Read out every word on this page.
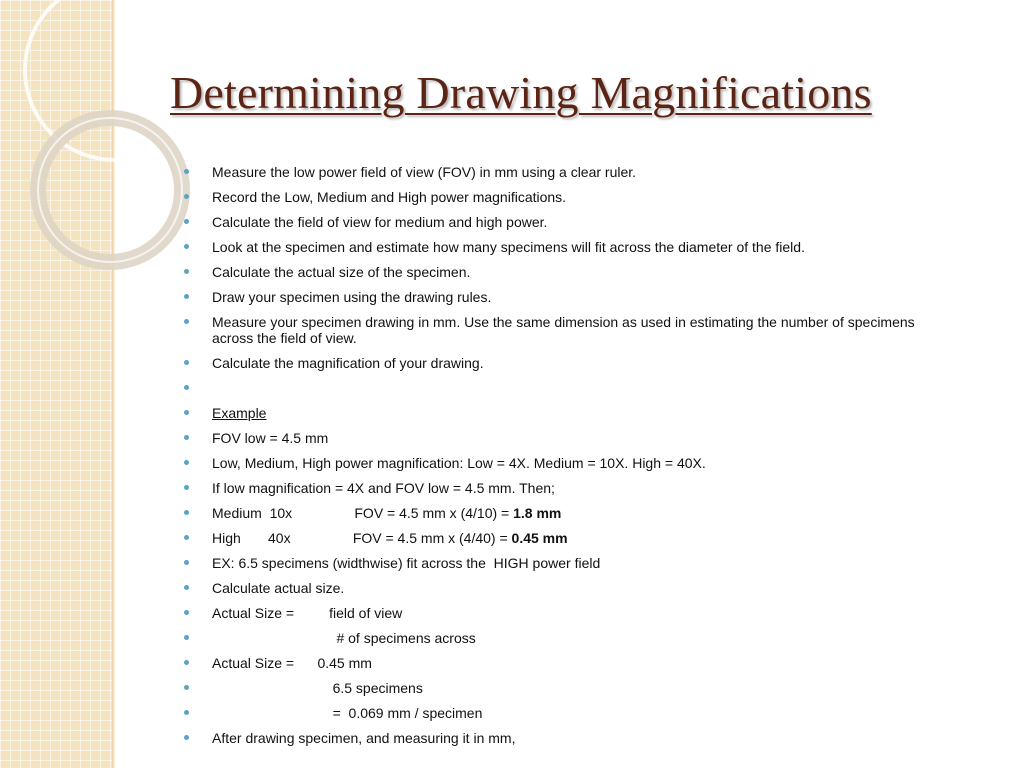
Determining Drawing Magnifications
Measure the low power field of view (FOV) in mm using a clear ruler.
Record the Low, Medium and High power magnifications.
Calculate the field of view for medium and high power.
Look at the specimen and estimate how many specimens will fit across the diameter of the field.
Calculate the actual size of the specimen.
Draw your specimen using the drawing rules.
Measure your specimen drawing in mm. Use the same dimension as used in estimating the number of specimens across the field of view.
Calculate the magnification of your drawing.
Example
FOV low = 4.5 mm
Low, Medium, High power magnification: Low = 4X. Medium = 10X. High = 40X.
If low magnification = 4X and FOV low = 4.5 mm. Then;
Medium  10x                FOV = 4.5 mm x (4/10) = 1.8 mm
High       40x                FOV = 4.5 mm x (4/40) = 0.45 mm
EX: 6.5 specimens (widthwise) fit across the  HIGH power field
Calculate actual size.
Actual Size =         field of view
# of specimens across
Actual Size =      0.45 mm
6.5 specimens
=  0.069 mm / specimen
After drawing specimen, and measuring it in mm,
